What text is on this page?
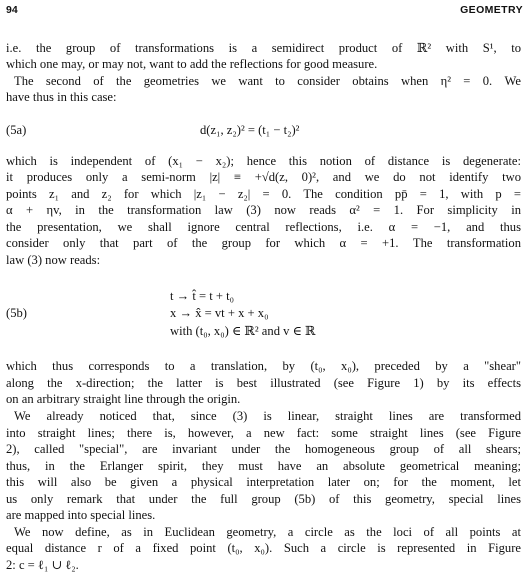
94	GEOMETRY
i.e. the group of transformations is a semidirect product of ℝ² with S¹, to
which one may, or may not, want to add the reflections for good measure.
The second of the geometries we want to consider obtains when η² = 0. We
have thus in this case:
(5a)	d(z₁, z₂)² = (t₁ − t₂)²
which is independent of (x₁ − x₂); hence this notion of distance is degenerate:
it produces only a semi-norm |z| ≡ +√d(z, 0)², and we do not identify two
points z₁ and z₂ for which |z₁ − z₂| = 0. The condition pp̄ = 1, with p =
α + ηv, in the transformation law (3) now reads α² = 1. For simplicity in
the presentation, we shall ignore central reflections, i.e. α = −1, and thus
consider only that part of the group for which α = +1. The transformation
law (3) now reads:
t → t̂ = t + t₀
(5b)	x → x̂ = vt + x + x₀
with (t₀, x₀) ∈ ℝ² and v ∈ ℝ
which thus corresponds to a translation, by (t₀, x₀), preceded by a "shear"
along the x-direction; the latter is best illustrated (see Figure 1) by its effects
on an arbitrary straight line through the origin.
We already noticed that, since (3) is linear, straight lines are transformed
into straight lines; there is, however, a new fact: some straight lines (see Figure
2), called "special", are invariant under the homogeneous group of all shears;
thus, in the Erlanger spirit, they must have an absolute geometrical meaning;
this will also be given a physical interpretation later on; for the moment, let
us only remark that under the full group (5b) of this geometry, special lines
are mapped into special lines.
We now define, as in Euclidean geometry, a circle as the loci of all points at
equal distance r of a fixed point (t₀, x₀). Such a circle is represented in Figure
2: c = ℓ₁ ∪ ℓ₂.
